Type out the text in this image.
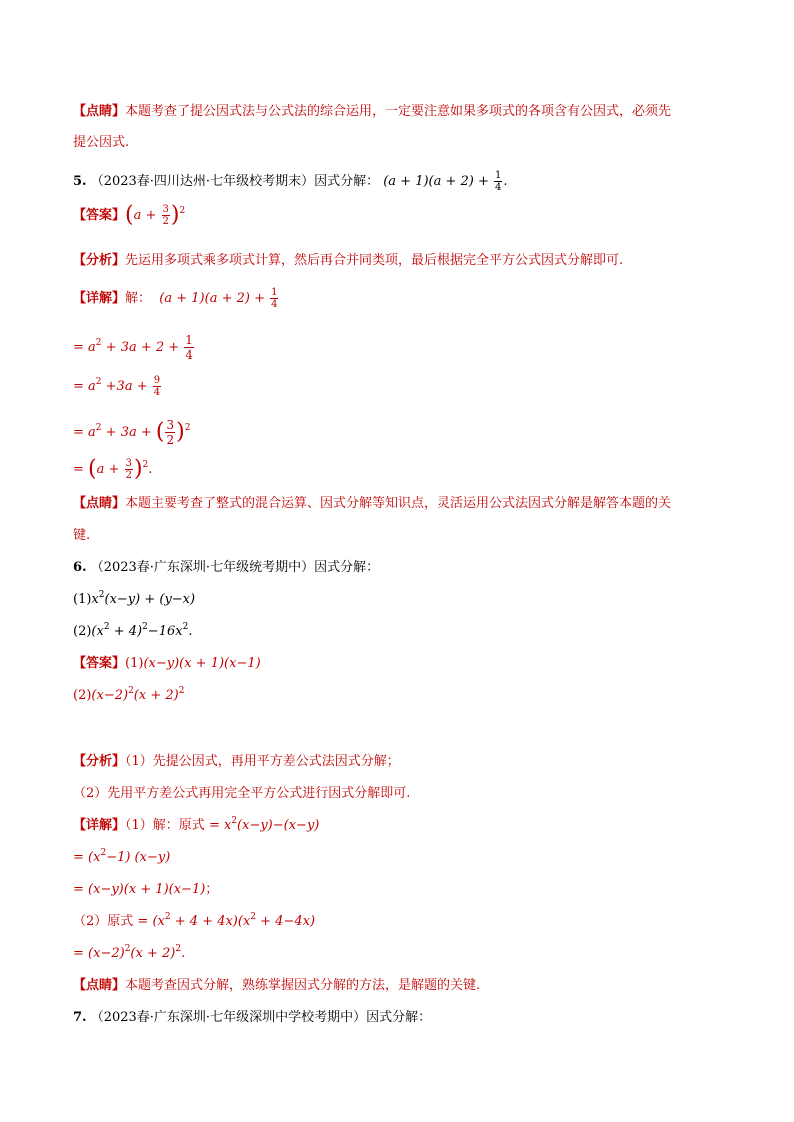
【点睛】本题考查了提公因式法与公式法的综合运用，一定要注意如果多项式的各项含有公因式，必须先
提公因式.
5. （2023春·四川达州·七年级校考期末）因式分解： $(a + 1)(a + 2) + \frac{1}{4}$ .
【答案】$(a + \frac{3}{2} )^2$
【分析】先运用多项式乘多项式计算，然后再合并同类项，最后根据完全平方公式因式分解即可.
【详解】解：  $(a + 1)(a + 2) + \frac{1}{4}$
= $a^2 + 3a + 2 + \frac{1}{4}$
= $a^2 +3a + \frac{9}{4}$
= $a^2 + 3a$ + ( $\frac{3}{2} )^2$
= $(a + \frac{3}{2} )^2$.
【点睛】本题主要考查了整式的混合运算、因式分解等知识点，灵活运用公式法因式分解是解答本题的关
键.
6. （2023春·广东深圳·七年级统考期中）因式分解：
$(1)x^2(x-y) + (y-x)$
$(2)(x^2 + 4)^2-16x^2$.
【答案】(1)(x−y)(x + 1)(x−1)
$(2)(x-2)^2(x + 2)^2$
【分析】（1）先提公因式，再用平方差公式法因式分解；
（2）先用平方差公式再用完全平方公式进行因式分解即可.
【详解】（1）解：原式 = $x^2(x-y)-(x-y)$
= $(x^2-1)$ (x−y)
= (x−y)(x + 1)(x−1)；
（2）原式 = $(x^2 + 4 + 4x)(x^2 + 4-4x)$
= $(x-2)^2(x + 2)^2$.
【点睛】本题考查因式分解，熟练掌握因式分解的方法，是解题的关键.
7. （2023春·广东深圳·七年级深圳中学校考期中）因式分解：
